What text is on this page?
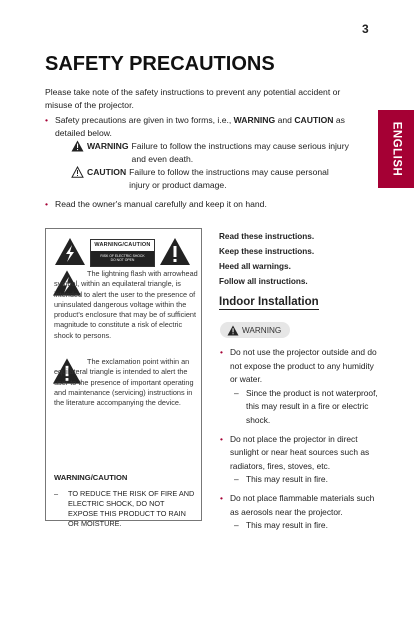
3
ENGLISH
SAFETY PRECAUTIONS

Please take note of the safety instructions to prevent any potential accident or misuse of the projector.

• Safety precautions are given in two forms, i.e., WARNING and CAUTION as detailed below.
WARNING Failure to follow the instructions may cause serious injury and even death.
CAUTION Failure to follow the instructions may cause personal injury or product damage.
• Read the owner's manual carefully and keep it on hand.
WARNING/CAUTION
RISK OF ELECTRIC SHOCK
DO NOT OPEN

The lightning flash with arrowhead symbol, within an equilateral triangle, is intended to alert the user to the presence of uninsulated dangerous voltage within the product's enclosure that may be of sufficient magnitude to constitute a risk of electric shock to persons.

The exclamation point within an equilateral triangle is intended to alert the user to the presence of important operating and maintenance (servicing) instructions in the literature accompanying the device.

WARNING/CAUTION

–	TO REDUCE THE RISK OF FIRE AND ELECTRIC SHOCK, DO NOT EXPOSE THIS PRODUCT TO RAIN OR MOISTURE.

Read these instructions.
Keep these instructions.
Heed all warnings.
Follow all instructions.
Indoor Installation
WARNING
• Do not use the projector outside and do not expose the product to any humidity or water.
– Since the product is not waterproof, this may result in a fire or electric shock.
• Do not place the projector in direct sunlight or near heat sources such as radiators, fires, stoves, etc.
– This may result in fire.
• Do not place flammable materials such as aerosols near the projector.
– This may result in fire.
